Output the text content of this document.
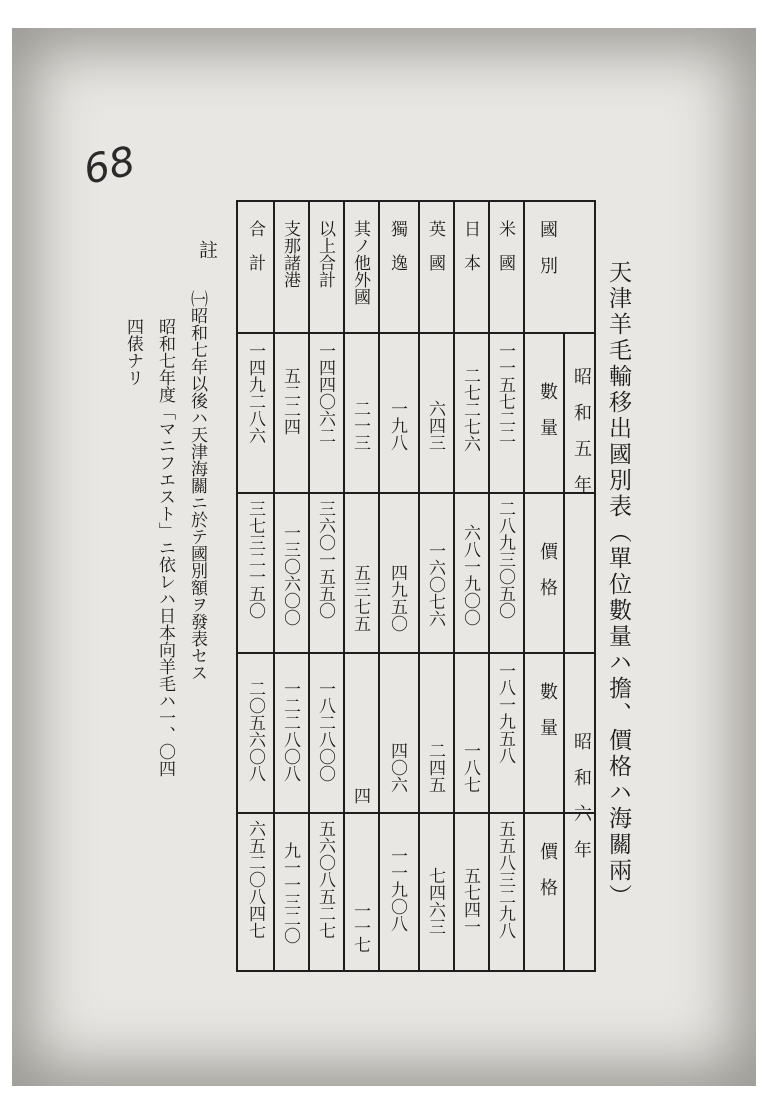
68
天津羊毛輸移出國別表（單位數量ハ擔、價格ハ海關兩）
國　別
昭　和　五　年
昭　和　六　年
數　量
價　格
數　量
價　格
米　國
一一五七二二
二八九三〇五〇
一八一九五八
五五八三二九八
日　本
二七二七六
六八一九〇〇
一八七
五七四一
英　國
六四三
一六〇七六
二四五
七四六三
獨　逸
一九八
四九五〇
四〇六
一一九〇八
其ノ他外國
二一三
五三七五
四
一一七
以上合計
一四四〇六二
三六〇一五五〇
一八二八〇〇
五六〇八五二七
支那諸港
五二二四
一三〇六〇〇
一二二八〇八
九一一三二〇
合　計
一四九二八六
三七三二一五〇
二〇五六〇八
六五二〇八四七
註
㈠昭和七年以後ハ天津海關ニ於テ國別額ヲ發表セス
昭和七年度「マニフエスト」ニ依レハ日本向羊毛ハ一、〇四
四俵ナリ
